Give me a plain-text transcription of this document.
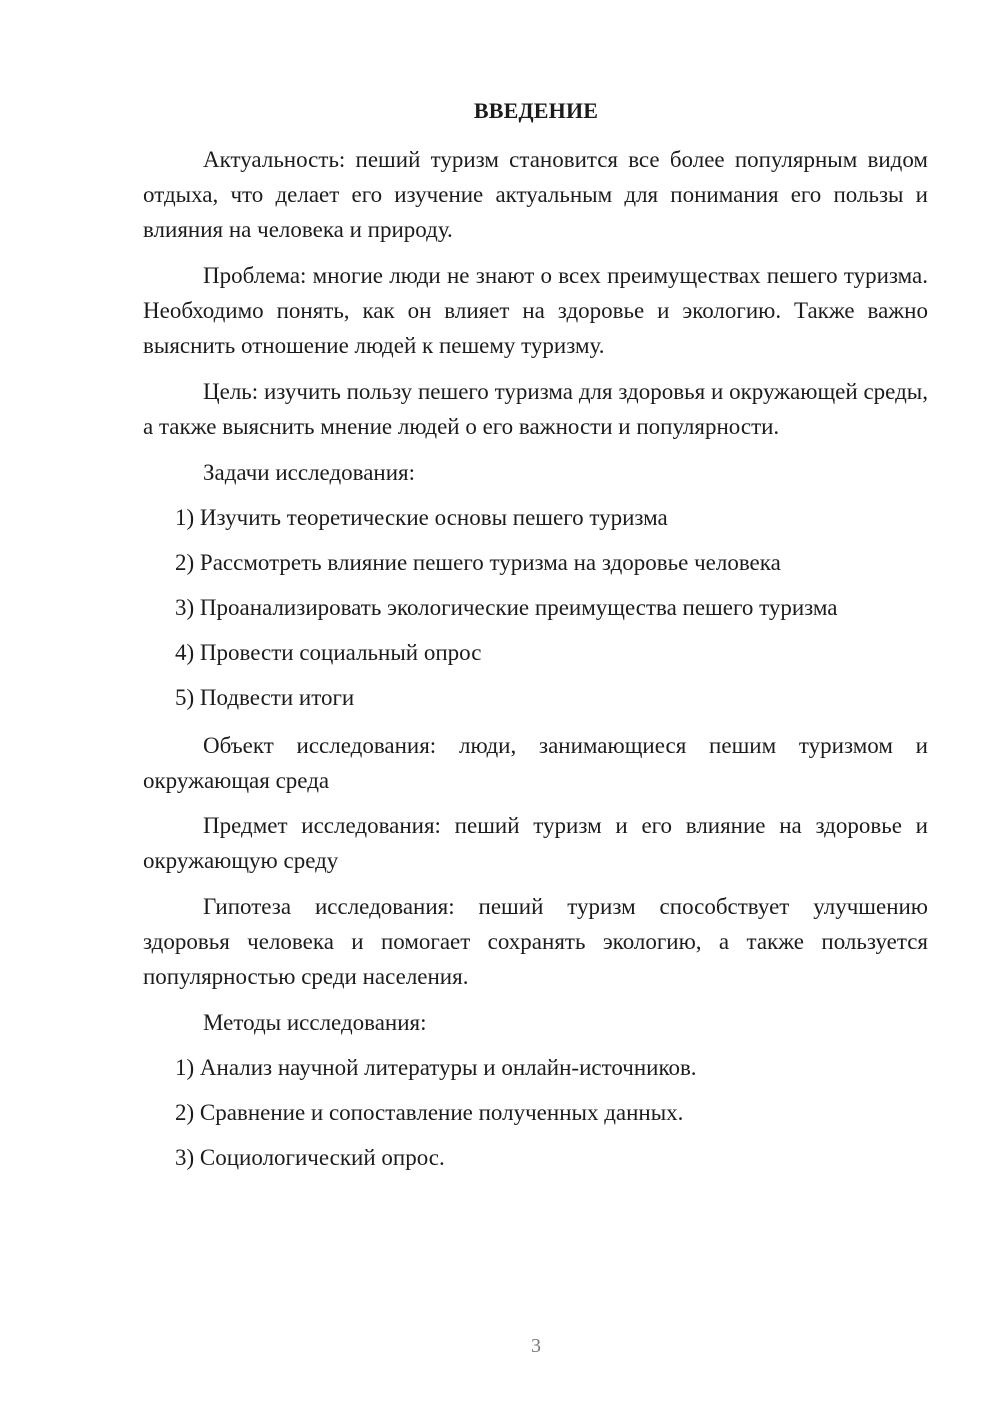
ВВЕДЕНИЕ

Актуальность: пеший туризм становится все более популярным видом отдыха, что делает его изучение актуальным для понимания его пользы и влияния на человека и природу.

Проблема: многие люди не знают о всех преимуществах пешего туризма. Необходимо понять, как он влияет на здоровье и экологию. Также важно выяснить отношение людей к пешему туризму.

Цель: изучить пользу пешего туризма для здоровья и окружающей среды, а также выяснить мнение людей о его важности и популярности.

Задачи исследования:

1) Изучить теоретические основы пешего туризма

2) Рассмотреть влияние пешего туризма на здоровье человека

3) Проанализировать экологические преимущества пешего туризма

4) Провести социальный опрос

5) Подвести итоги

Объект исследования: люди, занимающиеся пешим туризмом и окружающая среда

Предмет исследования: пеший туризм и его влияние на здоровье и окружающую среду

Гипотеза исследования: пеший туризм способствует улучшению здоровья человека и помогает сохранять экологию, а также пользуется популярностью среди населения.

Методы исследования:

1) Анализ научной литературы и онлайн-источников.

2) Сравнение и сопоставление полученных данных.

3) Социологический опрос.

3
